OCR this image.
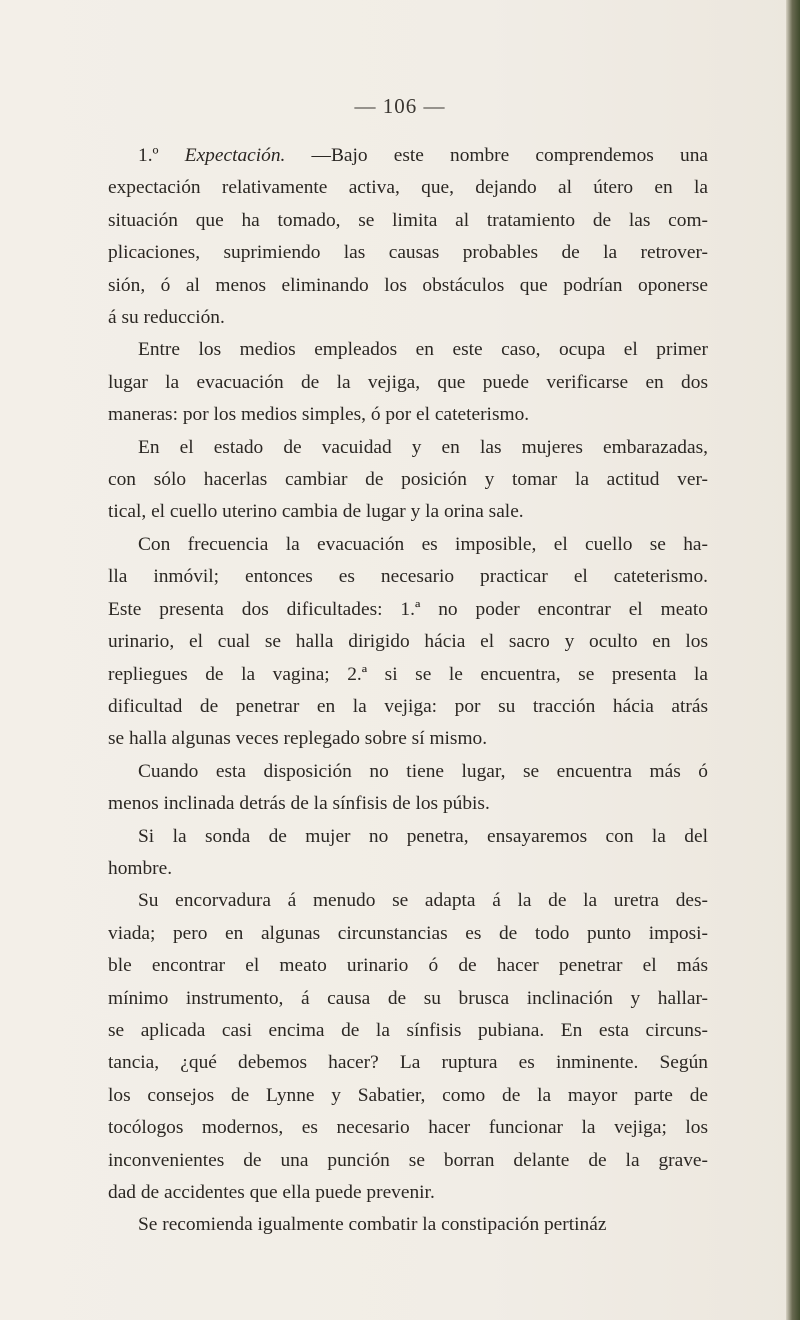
— 106 —
1.º Expectación. —Bajo este nombre comprendemos una
expectación relativamente activa, que, dejando al útero en la
situación que ha tomado, se limita al tratamiento de las com-
plicaciones, suprimiendo las causas probables de la retrover-
sión, ó al menos eliminando los obstáculos que podrían oponerse
á su reducción.
Entre los medios empleados en este caso, ocupa el primer
lugar la evacuación de la vejiga, que puede verificarse en dos
maneras: por los medios simples, ó por el cateterismo.
En el estado de vacuidad y en las mujeres embarazadas,
con sólo hacerlas cambiar de posición y tomar la actitud ver-
tical, el cuello uterino cambia de lugar y la orina sale.
Con frecuencia la evacuación es imposible, el cuello se ha-
lla inmóvil; entonces es necesario practicar el cateterismo.
Este presenta dos dificultades: 1.ª no poder encontrar el meato
urinario, el cual se halla dirigido hácia el sacro y oculto en los
repliegues de la vagina; 2.ª si se le encuentra, se presenta la
dificultad de penetrar en la vejiga: por su tracción hácia atrás
se halla algunas veces replegado sobre sí mismo.
Cuando esta disposición no tiene lugar, se encuentra más ó
menos inclinada detrás de la sínfisis de los púbis.
Si la sonda de mujer no penetra, ensayaremos con la del
hombre.
Su encorvadura á menudo se adapta á la de la uretra des-
viada; pero en algunas circunstancias es de todo punto imposi-
ble encontrar el meato urinario ó de hacer penetrar el más
mínimo instrumento, á causa de su brusca inclinación y hallar-
se aplicada casi encima de la sínfisis pubiana. En esta circuns-
tancia, ¿qué debemos hacer? La ruptura es inminente. Según
los consejos de Lynne y Sabatier, como de la mayor parte de
tocólogos modernos, es necesario hacer funcionar la vejiga; los
inconvenientes de una punción se borran delante de la grave-
dad de accidentes que ella puede prevenir.
Se recomienda igualmente combatir la constipación pertináz
